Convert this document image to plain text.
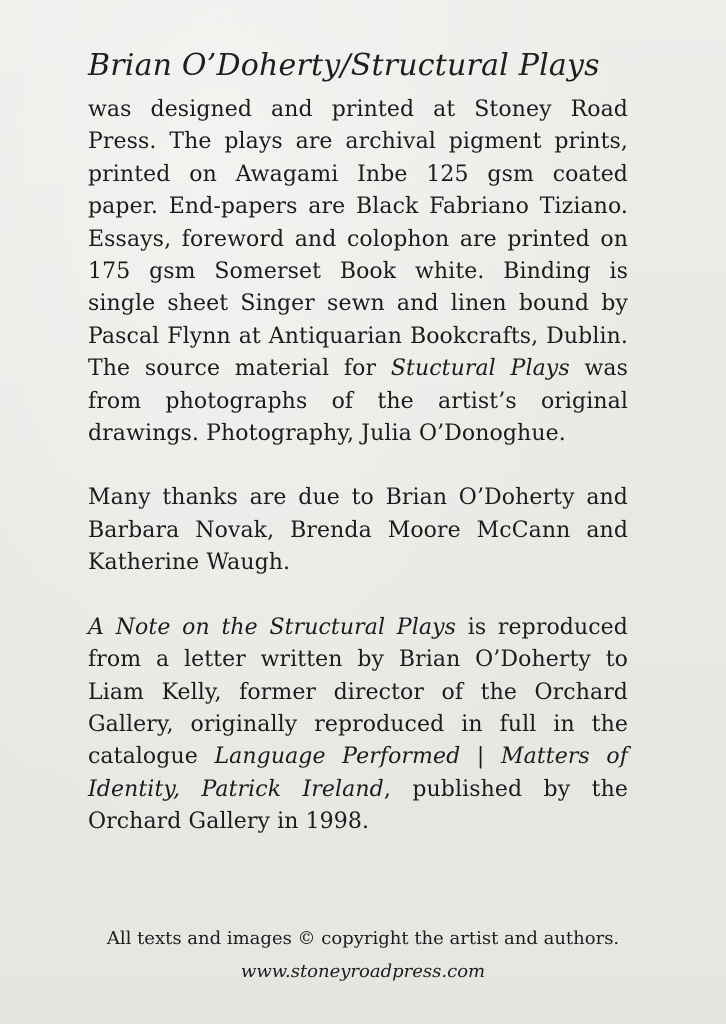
Brian O’Doherty/Structural Plays

was designed and printed at Stoney Road Press. The plays are archival pigment prints, printed on Awagami Inbe 125 gsm coated paper. End-papers are Black Fabriano Tiziano. Essays, foreword and colophon are printed on 175 gsm Somerset Book white. Binding is single sheet Singer sewn and linen bound by Pascal Flynn at Antiquarian Bookcrafts, Dublin. The source material for Stuctural Plays was from photographs of the artist’s original drawings. Photography, Julia O’Donoghue.

Many thanks are due to Brian O’Doherty and Barbara Novak, Brenda Moore McCann and Katherine Waugh.

A Note on the Structural Plays is reproduced from a letter written by Brian O’Doherty to Liam Kelly, former director of the Orchard Gallery, originally reproduced in full in the catalogue Language Performed | Matters of Identity, Patrick Ireland, published by the Orchard Gallery in 1998.

All texts and images © copyright the artist and authors.
www.stoneyroadpress.com
